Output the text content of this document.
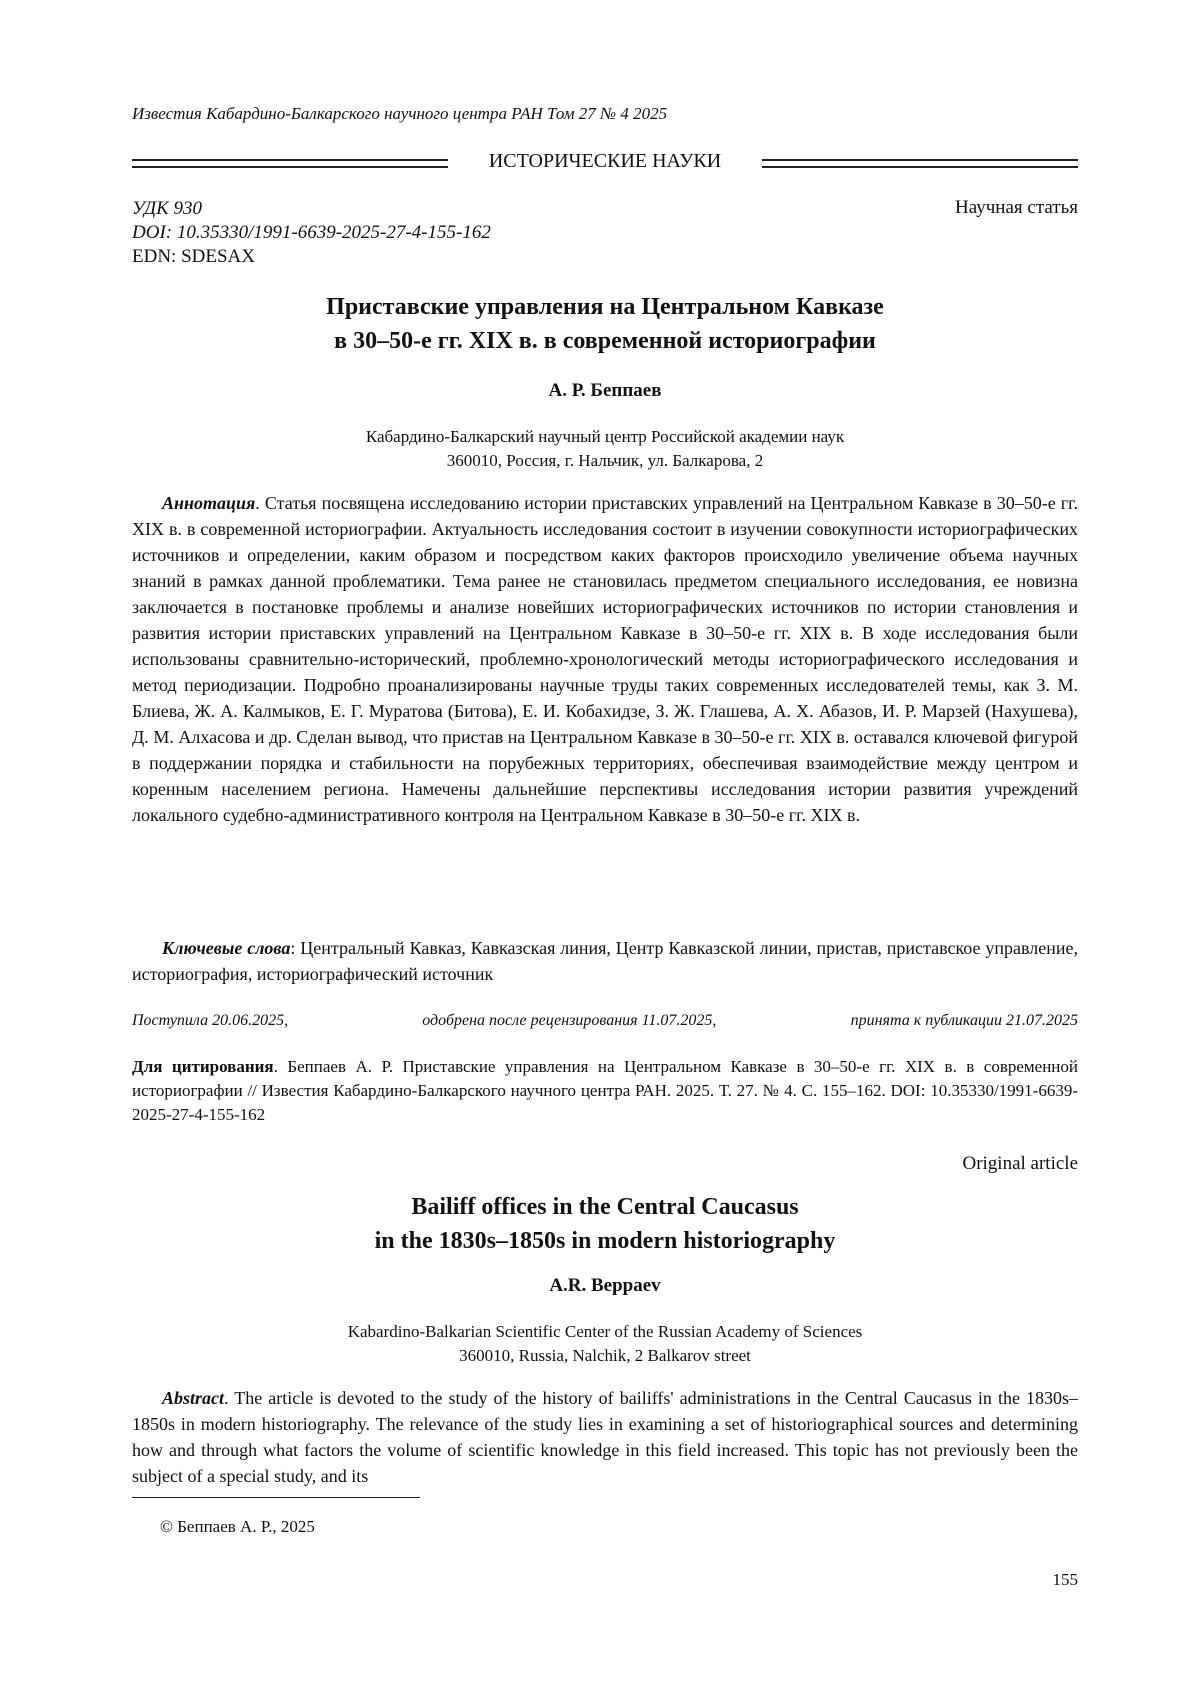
Известия Кабардино-Балкарского научного центра РАН Том 27 № 4 2025
ИСТОРИЧЕСКИЕ НАУКИ
УДК 930
DOI: 10.35330/1991-6639-2025-27-4-155-162
EDN: SDESAX
Научная статья
Приставские управления на Центральном Кавказе
в 30–50-е гг. XIX в. в современной историографии
А. Р. Беппаев
Кабардино-Балкарский научный центр Российской академии наук
360010, Россия, г. Нальчик, ул. Балкарова, 2

Аннотация. Статья посвящена исследованию истории приставских управлений на Центральном Кавказе в 30–50-е гг. XIX в. в современной историографии. Актуальность исследования состоит в изучении совокупности историографических источников и определении, каким образом и посредством каких факторов происходило увеличение объема научных знаний в рамках данной проблематики. Тема ранее не становилась предметом специального исследования, ее новизна заключается в постановке проблемы и анализе новейших историографических источников по истории становления и развития истории приставских управлений на Центральном Кавказе в 30–50-е гг. XIX в. В ходе исследования были использованы сравнительно-исторический, проблемно-хронологический методы историографического исследования и метод периодизации. Подробно проанализированы научные труды таких современных исследователей темы, как З. М. Блиева, Ж. А. Калмыков, Е. Г. Муратова (Битова), Е. И. Кобахидзе, З. Ж. Глашева, А. Х. Абазов, И. Р. Марзей (Нахушева), Д. М. Алхасова и др. Сделан вывод, что пристав на Центральном Кавказе в 30–50-е гг. XIX в. оставался ключевой фигурой в поддержании порядка и стабильности на порубежных территориях, обеспечивая взаимодействие между центром и коренным населением региона. Намечены дальнейшие перспективы исследования истории развития учреждений локального судебно-административного контроля на Центральном Кавказе в 30–50-е гг. XIX в.

Ключевые слова: Центральный Кавказ, Кавказская линия, Центр Кавказской линии, пристав, приставское управление, историография, историографический источник

Поступила 20.06.2025,	одобрена после рецензирования 11.07.2025,	принята к публикации 21.07.2025

Для цитирования. Беппаев А. Р. Приставские управления на Центральном Кавказе в 30–50-е гг. XIX в. в современной историографии // Известия Кабардино-Балкарского научного центра РАН. 2025. Т. 27. № 4. С. 155–162. DOI: 10.35330/1991-6639-2025-27-4-155-162

Original article
Bailiff offices in the Central Caucasus
in the 1830s–1850s in modern historiography
A.R. Beppaev
Kabardino-Balkarian Scientific Center of the Russian Academy of Sciences
360010, Russia, Nalchik, 2 Balkarov street

Abstract. The article is devoted to the study of the history of bailiffs' administrations in the Central Caucasus in the 1830s–1850s in modern historiography. The relevance of the study lies in examining a set of historiographical sources and determining how and through what factors the volume of scientific knowledge in this field increased. This topic has not previously been the subject of a special study, and its

© Беппаев А. Р., 2025
155
